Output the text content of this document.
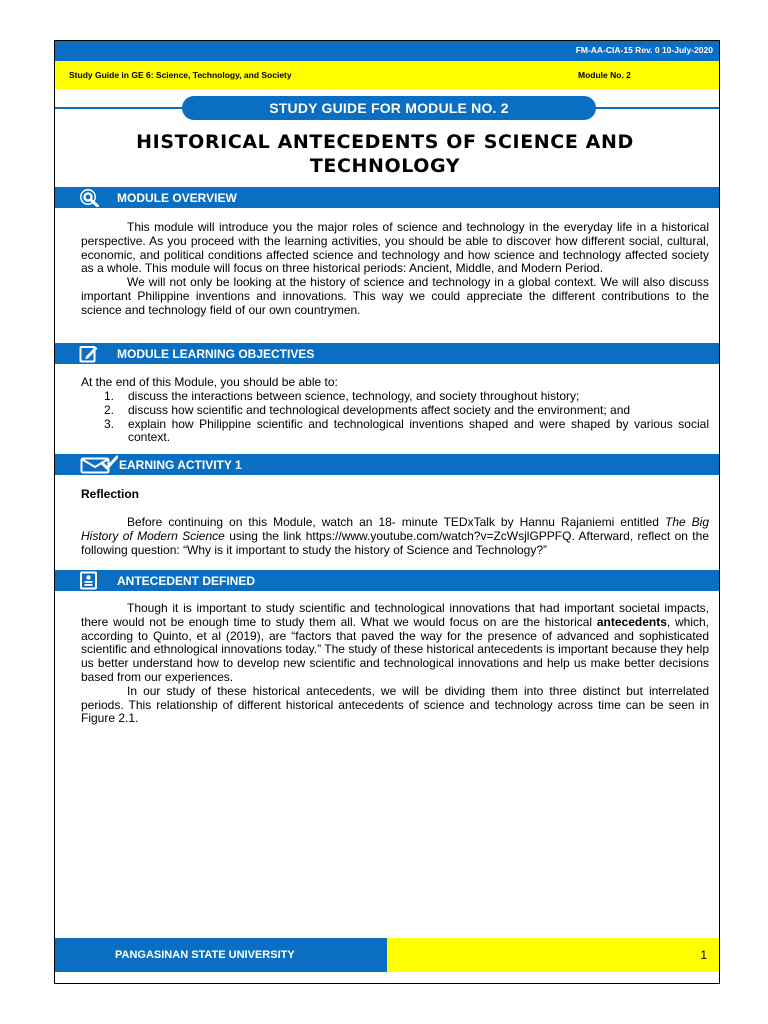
FM-AA-CIA-15 Rev. 0 10-July-2020
Study Guide in GE 6: Science, Technology, and Society	Module No. 2
STUDY GUIDE FOR MODULE NO. 2
HISTORICAL ANTECEDENTS OF SCIENCE AND
TECHNOLOGY
MODULE OVERVIEW

This module will introduce you the major roles of science and technology in the everyday life in a historical perspective. As you proceed with the learning activities, you should be able to discover how different social, cultural, economic, and political conditions affected science and technology and how science and technology affected society as a whole. This module will focus on three historical periods: Ancient, Middle, and Modern Period.

We will not only be looking at the history of science and technology in a global context. We will also discuss important Philippine inventions and innovations. This way we could appreciate the different contributions to the science and technology field of our own countrymen.

MODULE LEARNING OBJECTIVES
At the end of this Module, you should be able to:
1. discuss the interactions between science, technology, and society throughout history;
2. discuss how scientific and technological developments affect society and the environment; and
3. explain how Philippine scientific and technological inventions shaped and were shaped by various social context.
EARNING ACTIVITY 1
Reflection

Before continuing on this Module, watch an 18- minute TEDxTalk by Hannu Rajaniemi entitled The Big History of Modern Science using the link https://www.youtube.com/watch?v=ZcWsjlGPPFQ. Afterward, reflect on the following question: “Why is it important to study the history of Science and Technology?”

ANTECEDENT DEFINED

Though it is important to study scientific and technological innovations that had important societal impacts, there would not be enough time to study them all. What we would focus on are the historical antecedents, which, according to Quinto, et al (2019), are “factors that paved the way for the presence of advanced and sophisticated scientific and ethnological innovations today.” The study of these historical antecedents is important because they help us better understand how to develop new scientific and technological innovations and help us make better decisions based from our experiences.

In our study of these historical antecedents, we will be dividing them into three distinct but interrelated periods. This relationship of different historical antecedents of science and technology across time can be seen in Figure 2.1.

PANGASINAN STATE UNIVERSITY	1
